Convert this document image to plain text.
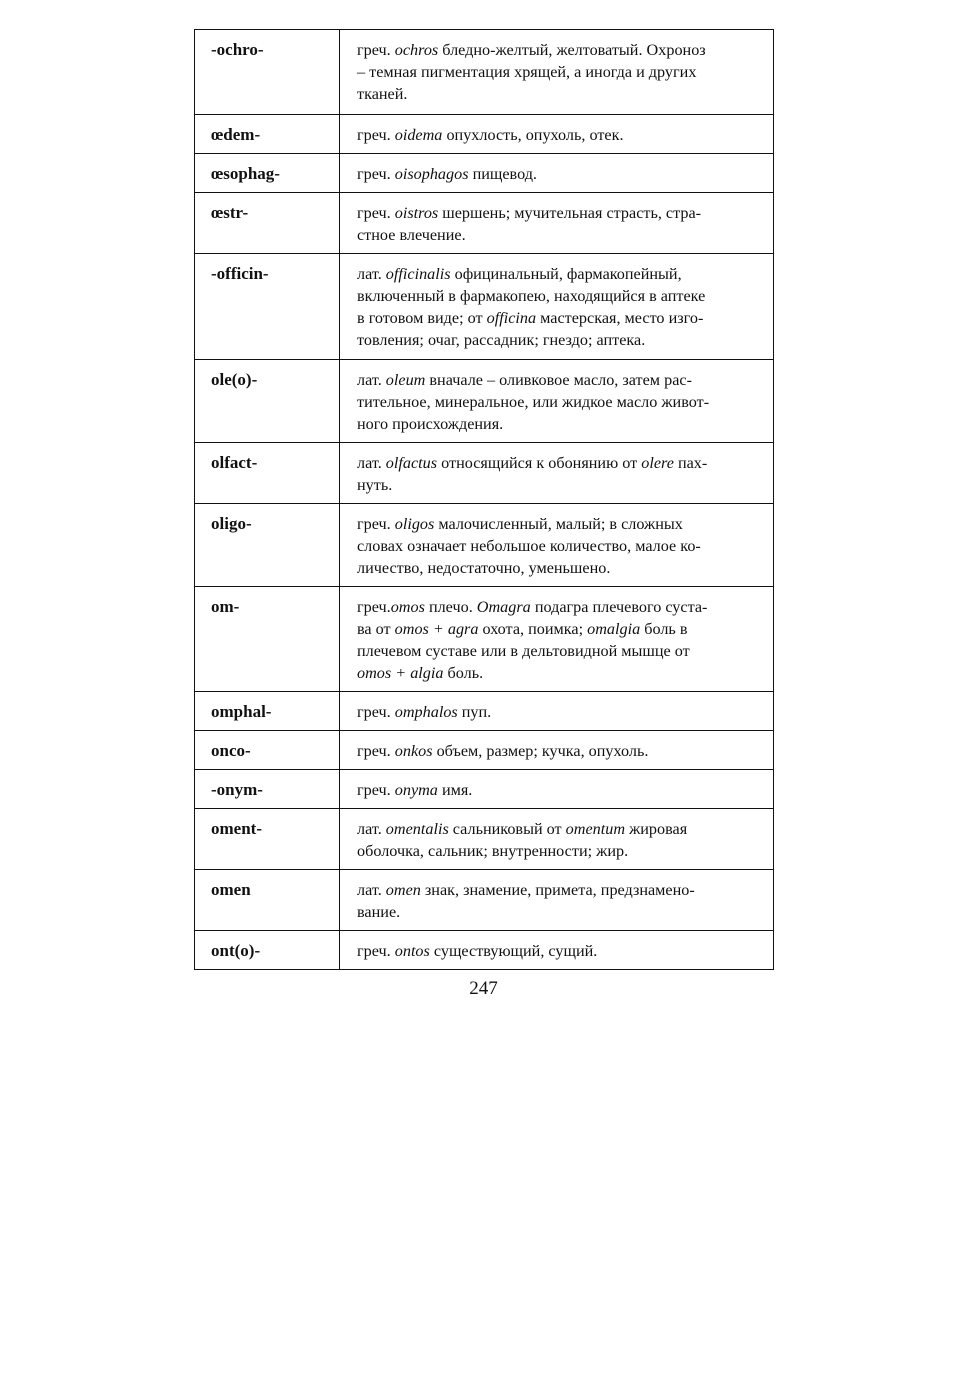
-ochro-	греч. ochros бледно-желтый, желтоватый. Охроноз
– темная пигментация хрящей, а иногда и других
тканей.
œdem-	греч. oidema опухлость, опухоль, отек.
œsophag-	греч. oisophagos пищевод.
œstr-	греч. oistros шершень; мучительная страсть, стра-
стное влечение.
-officin-	лат. officinalis официнальный, фармакопейный,
включенный в фармакопею, находящийся в аптеке
в готовом виде; от officina мастерская, место изго-
товления; очаг, рассадник; гнездо; аптека.
ole(o)-	лат. oleum вначале – оливковое масло, затем рас-
тительное, минеральное, или жидкое масло живот-
ного происхождения.
olfact-	лат. olfactus относящийся к обонянию от olere пах-
нуть.
oligo-	греч. oligos малочисленный, малый; в сложных
словах означает небольшое количество, малое ко-
личество, недостаточно, уменьшено.
om-	греч.omos плечо. Omagra подагра плечевого суста-
ва от omos + agra охота, поимка; omalgia боль в
плечевом суставе или в дельтовидной мышце от
omos + algia боль.
omphal-	греч. omphalos пуп.
onco-	греч. onkos объем, размер; кучка, опухоль.
-onym-	греч. onyma имя.
oment-	лат. omentalis сальниковый от omentum жировая
оболочка, сальник; внутренности; жир.
omen	лат. omen знак, знамение, примета, предзнамено-
вание.
ont(o)-	греч. ontos существующий, сущий.
247
